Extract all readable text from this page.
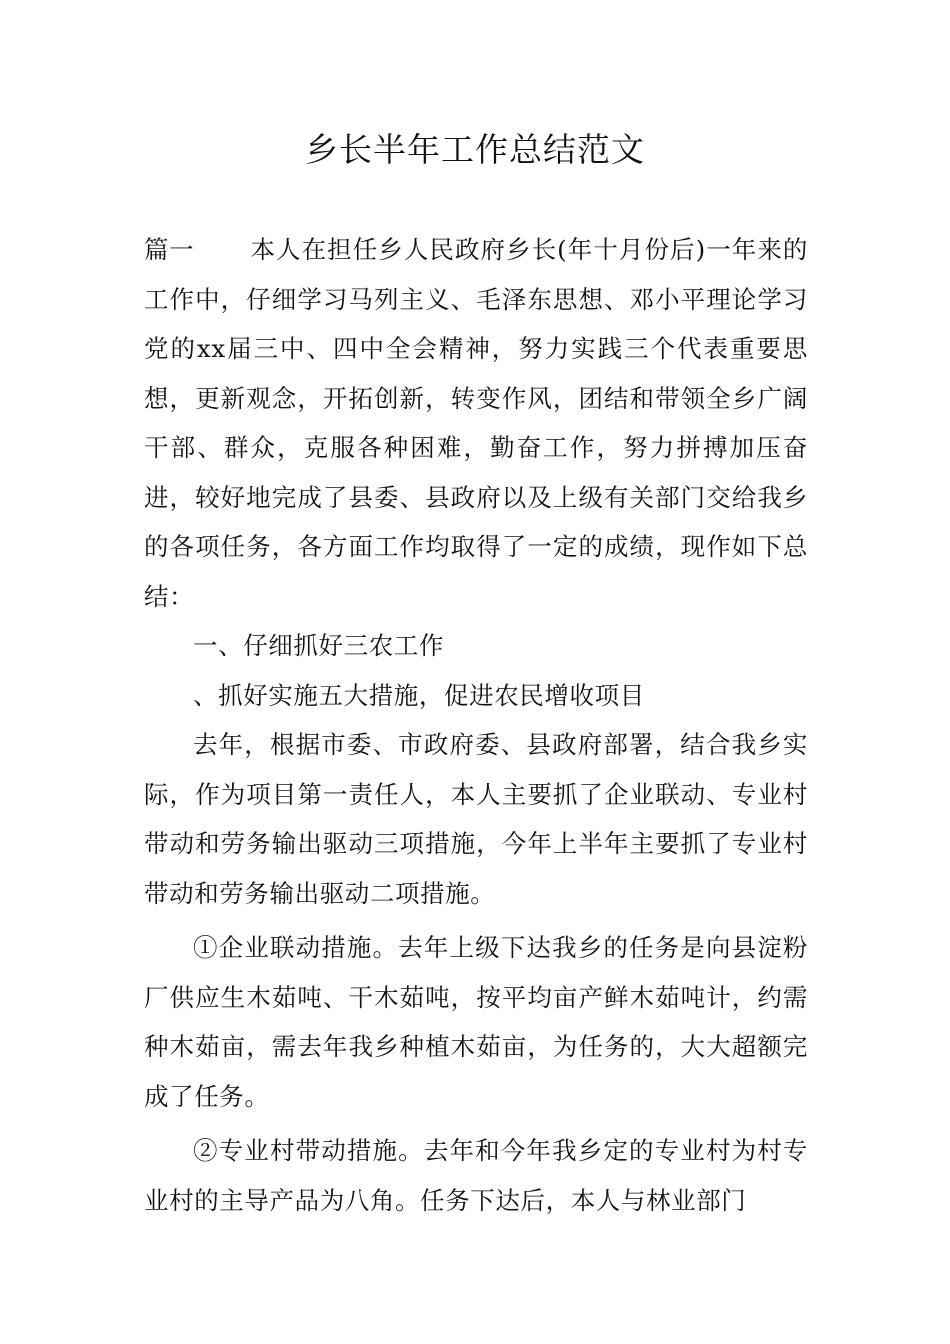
乡长半年工作总结范文

篇一 本人在担任乡人民政府乡长(年十月份后)一年来的工作中，仔细学习马列主义、毛泽东思想、邓小平理论学习党的xx届三中、四中全会精神，努力实践三个代表重要思想，更新观念，开拓创新，转变作风，团结和带领全乡广阔干部、群众，克服各种困难，勤奋工作，努力拼搏加压奋进，较好地完成了县委、县政府以及上级有关部门交给我乡的各项任务，各方面工作均取得了一定的成绩，现作如下总结：

一、仔细抓好三农工作

、抓好实施五大措施，促进农民增收项目

去年，根据市委、市政府委、县政府部署，结合我乡实际，作为项目第一责任人，本人主要抓了企业联动、专业村带动和劳务输出驱动三项措施，今年上半年主要抓了专业村带动和劳务输出驱动二项措施。

①企业联动措施。去年上级下达我乡的任务是向县淀粉厂供应生木茹吨、干木茹吨，按平均亩产鲜木茹吨计，约需种木茹亩，需去年我乡种植木茹亩，为任务的，大大超额完成了任务。

②专业村带动措施。去年和今年我乡定的专业村为村专业村的主导产品为八角。任务下达后，本人与林业部门
